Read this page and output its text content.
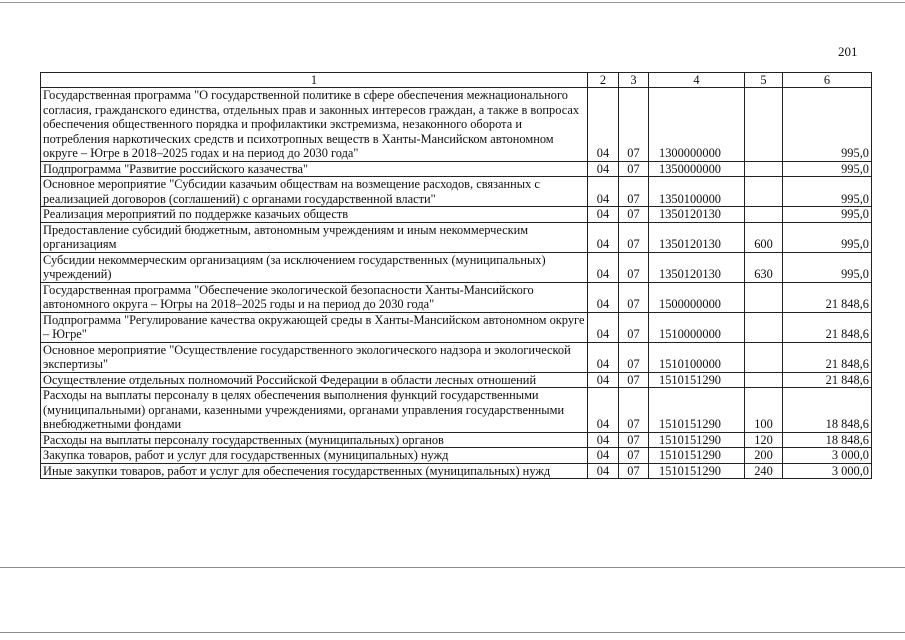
201
1	2	3	4	5	6
Государственная программа "О государственной политике в сфере обеспечения межнационального согласия, гражданского единства, отдельных прав и законных интересов граждан, а также в вопросах обеспечения общественного порядка и профилактики экстремизма, незаконного оборота и потребления наркотических средств и психотропных веществ в Ханты-Мансийском автономном округе – Югре в 2018–2025 годах и на период до 2030 года"	04	07	1300000000		995,0
Подпрограмма "Развитие российского казачества"	04	07	1350000000		995,0
Основное мероприятие "Субсидии казачьим обществам на возмещение расходов, связанных с реализацией договоров (соглашений) с органами государственной власти"	04	07	1350100000		995,0
Реализация мероприятий по поддержке казачьих обществ	04	07	1350120130		995,0
Предоставление субсидий бюджетным, автономным учреждениям и иным некоммерческим организациям	04	07	1350120130	600	995,0
Субсидии некоммерческим организациям (за исключением государственных (муниципальных) учреждений)	04	07	1350120130	630	995,0
Государственная программа "Обеспечение экологической безопасности Ханты-Мансийского автономного округа – Югры на 2018–2025 годы и на период до 2030 года"	04	07	1500000000		21 848,6
Подпрограмма "Регулирование качества окружающей среды в Ханты-Мансийском автономном округе – Югре"	04	07	1510000000		21 848,6
Основное мероприятие "Осуществление государственного экологического надзора и экологической экспертизы"	04	07	1510100000		21 848,6
Осуществление отдельных полномочий Российской Федерации в области лесных отношений	04	07	1510151290		21 848,6
Расходы на выплаты персоналу в целях обеспечения выполнения функций государственными (муниципальными) органами, казенными учреждениями, органами управления государственными внебюджетными фондами	04	07	1510151290	100	18 848,6
Расходы на выплаты персоналу государственных (муниципальных) органов	04	07	1510151290	120	18 848,6
Закупка товаров, работ и услуг для государственных (муниципальных) нужд	04	07	1510151290	200	3 000,0
Иные закупки товаров, работ и услуг для обеспечения государственных (муниципальных) нужд	04	07	1510151290	240	3 000,0
